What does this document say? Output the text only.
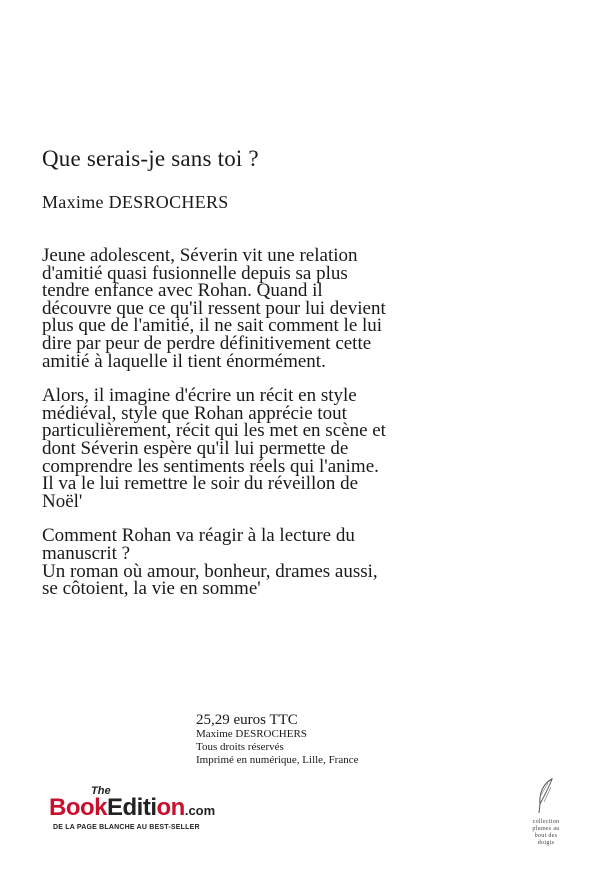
Que serais-je sans toi ?
Maxime DESROCHERS
Jeune adolescent, Séverin vit une relation
d'amitié quasi fusionnelle depuis sa plus
tendre enfance avec Rohan. Quand il
découvre que ce qu'il ressent pour lui devient
plus que de l'amitié, il ne sait comment le lui
dire par peur de perdre définitivement cette
amitié à laquelle il tient énormément.
Alors, il imagine d'écrire un récit en style
médiéval, style que Rohan apprécie tout
particulièrement, récit qui les met en scène et
dont Séverin espère qu'il lui permette de
comprendre les sentiments réels qui l'anime.
Il va le lui remettre le soir du réveillon de
Noël'
Comment Rohan va réagir à la lecture du
manuscrit ?
Un roman où amour, bonheur, drames aussi,
se côtoient, la vie en somme'
25,29 euros TTC
Maxime DESROCHERS
Tous droits réservés
Imprimé en numérique, Lille, France
The
BookEdition.com
DE LA PAGE BLANCHE AU BEST-SELLER
collection
plumes au
bout des
doigts
